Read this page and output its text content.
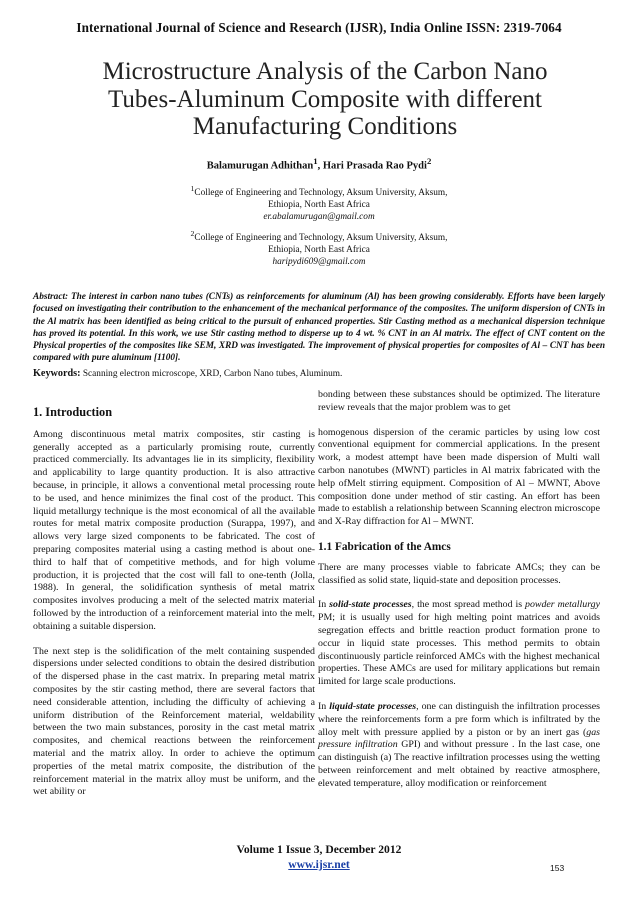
International Journal of Science and Research (IJSR), India Online ISSN: 2319-7064
Microstructure Analysis of the Carbon Nano
Tubes-Aluminum Composite with different
Manufacturing Conditions
Balamurugan Adhithan$^1$, Hari Prasada Rao Pydi$^2$
$^1$College of Engineering and Technology, Aksum University, Aksum,
Ethiopia, North East Africa
er.abalamurugan@gmail.com
$^2$College of Engineering and Technology, Aksum University, Aksum,
Ethiopia, North East Africa
haripydi609@gmail.com
Abstract: The interest in carbon nano tubes (CNTs) as reinforcements for aluminum (Al) has been growing considerably. Efforts have been largely focused on investigating their contribution to the enhancement of the mechanical performance of the composites. The uniform dispersion of CNTs in the Al matrix has been identified as being critical to the pursuit of enhanced properties. Stir Casting method as a mechanical dispersion technique has proved its potential. In this work, we use Stir casting method to disperse up to 4 wt. % CNT in an Al matrix. The effect of CNT content on the Physical properties of the composites like SEM, XRD was investigated. The improvement of physical properties for composites of Al – CNT has been compared with pure aluminum [1100].
Keywords: Scanning electron microscope, XRD, Carbon Nano tubes, Aluminum.
1. Introduction

Among discontinuous metal matrix composites, stir casting is generally accepted as a particularly promising route, currently practiced commercially. Its advantages lie in its simplicity, flexibility and applicability to large quantity production. It is also attractive because, in principle, it allows a conventional metal processing route to be used, and hence minimizes the final cost of the product. This liquid metallurgy technique is the most economical of all the available routes for metal matrix composite production (Surappa, 1997), and allows very large sized components to be fabricated. The cost of preparing composites material using a casting method is about one-third to half that of competitive methods, and for high volume production, it is projected that the cost will fall to one-tenth (Jolla, 1988). In general, the solidification synthesis of metal matrix composites involves producing a melt of the selected matrix material followed by the introduction of a reinforcement material into the melt, obtaining a suitable dispersion.

The next step is the solidification of the melt containing suspended dispersions under selected conditions to obtain the desired distribution of the dispersed phase in the cast matrix. In preparing metal matrix composites by the stir casting method, there are several factors that need considerable attention, including the difficulty of achieving a uniform distribution of the Reinforcement material, weldability between the two main substances, porosity in the cast metal matrix composites, and chemical reactions between the reinforcement material and the matrix alloy. In order to achieve the optimum properties of the metal matrix composite, the distribution of the reinforcement material in the matrix alloy must be uniform, and the wet ability or

bonding between these substances should be optimized. The literature review reveals that the major problem was to get

homogenous dispersion of the ceramic particles by using low cost conventional equipment for commercial applications. In the present work, a modest attempt have been made dispersion of Multi wall carbon nanotubes (MWNT) particles in Al matrix fabricated with the help ofMelt stirring equipment. Composition of Al – MWNT, Above composition done under method of stir casting. An effort has been made to establish a relationship between Scanning electron microscope and X-Ray diffraction for Al – MWNT.

1.1 Fabrication of the Amcs

There are many processes viable to fabricate AMCs; they can be classified as solid state, liquid-state and deposition processes.

In solid-state processes, the most spread method is powder metallurgy PM; it is usually used for high melting point matrices and avoids segregation effects and brittle reaction product formation prone to occur in liquid state processes. This method permits to obtain discontinuously particle reinforced AMCs with the highest mechanical properties. These AMCs are used for military applications but remain limited for large scale productions.

In liquid-state processes, one can distinguish the infiltration processes where the reinforcements form a pre form which is infiltrated by the alloy melt with pressure applied by a piston or by an inert gas (gas pressure infiltration GPI) and without pressure . In the last case, one can distinguish (a) The reactive infiltration processes using the wetting between reinforcement and melt obtained by reactive atmosphere, elevated temperature, alloy modification or reinforcement

Volume 1 Issue 3, December 2012
www.ijsr.net	153
